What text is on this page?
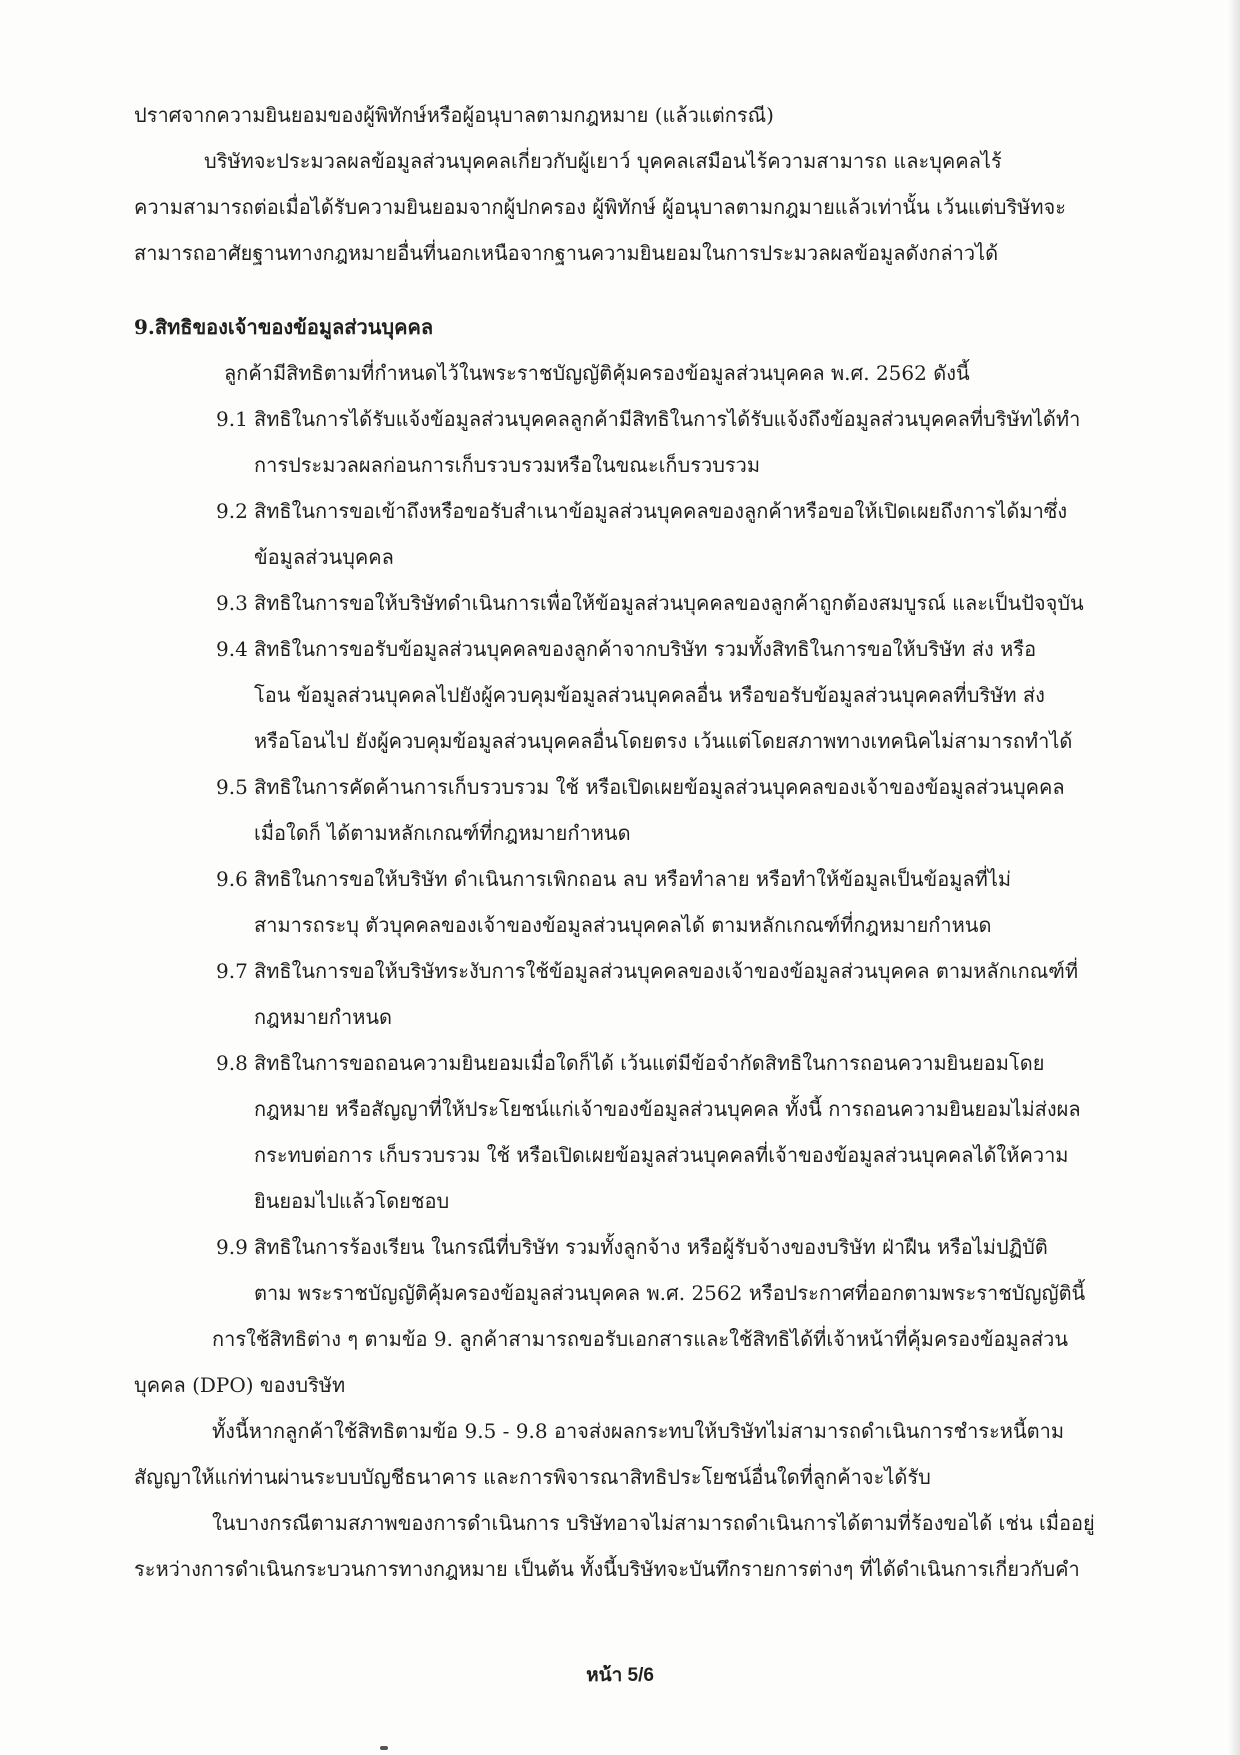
ปราศจากความยินยอมของผู้พิทักษ์หรือผู้อนุบาลตามกฎหมาย (แล้วแต่กรณี)
บริษัทจะประมวลผลข้อมูลส่วนบุคคลเกี่ยวกับผู้เยาว์ บุคคลเสมือนไร้ความสามารถ และบุคคลไร้
ความสามารถต่อเมื่อได้รับความยินยอมจากผู้ปกครอง ผู้พิทักษ์ ผู้อนุบาลตามกฎมายแล้วเท่านั้น เว้นแต่บริษัทจะ
สามารถอาศัยฐานทางกฎหมายอื่นที่นอกเหนือจากฐานความยินยอมในการประมวลผลข้อมูลดังกล่าวได้
9.สิทธิของเจ้าของข้อมูลส่วนบุคคล
ลูกค้ามีสิทธิตามที่กำหนดไว้ในพระราชบัญญัติคุ้มครองข้อมูลส่วนบุคคล พ.ศ. 2562 ดังนี้
9.1 สิทธิในการได้รับแจ้งข้อมูลส่วนบุคคลลูกค้ามีสิทธิในการได้รับแจ้งถึงข้อมูลส่วนบุคคลที่บริษัทได้ทำ
การประมวลผลก่อนการเก็บรวบรวมหรือในขณะเก็บรวบรวม
9.2 สิทธิในการขอเข้าถึงหรือขอรับสำเนาข้อมูลส่วนบุคคลของลูกค้าหรือขอให้เปิดเผยถึงการได้มาซึ่ง
ข้อมูลส่วนบุคคล
9.3 สิทธิในการขอให้บริษัทดำเนินการเพื่อให้ข้อมูลส่วนบุคคลของลูกค้าถูกต้องสมบูรณ์ และเป็นปัจจุบัน
9.4 สิทธิในการขอรับข้อมูลส่วนบุคคลของลูกค้าจากบริษัท รวมทั้งสิทธิในการขอให้บริษัท ส่ง หรือ
โอน ข้อมูลส่วนบุคคลไปยังผู้ควบคุมข้อมูลส่วนบุคคลอื่น หรือขอรับข้อมูลส่วนบุคคลที่บริษัท ส่ง
หรือโอนไป ยังผู้ควบคุมข้อมูลส่วนบุคคลอื่นโดยตรง เว้นแต่โดยสภาพทางเทคนิคไม่สามารถทำได้
9.5 สิทธิในการคัดค้านการเก็บรวบรวม ใช้ หรือเปิดเผยข้อมูลส่วนบุคคลของเจ้าของข้อมูลส่วนบุคคล
เมื่อใดก็ ได้ตามหลักเกณฑ์ที่กฎหมายกำหนด
9.6 สิทธิในการขอให้บริษัท ดำเนินการเพิกถอน ลบ หรือทำลาย หรือทำให้ข้อมูลเป็นข้อมูลที่ไม่
สามารถระบุ ตัวบุคคลของเจ้าของข้อมูลส่วนบุคคลได้ ตามหลักเกณฑ์ที่กฎหมายกำหนด
9.7 สิทธิในการขอให้บริษัทระงับการใช้ข้อมูลส่วนบุคคลของเจ้าของข้อมูลส่วนบุคคล ตามหลักเกณฑ์ที่
กฎหมายกำหนด
9.8 สิทธิในการขอถอนความยินยอมเมื่อใดก็ได้ เว้นแต่มีข้อจำกัดสิทธิในการถอนความยินยอมโดย
กฎหมาย หรือสัญญาที่ให้ประโยชน์แก่เจ้าของข้อมูลส่วนบุคคล ทั้งนี้ การถอนความยินยอมไม่ส่งผล
กระทบต่อการ เก็บรวบรวม ใช้ หรือเปิดเผยข้อมูลส่วนบุคคลที่เจ้าของข้อมูลส่วนบุคคลได้ให้ความ
ยินยอมไปแล้วโดยชอบ
9.9 สิทธิในการร้องเรียน ในกรณีที่บริษัท รวมทั้งลูกจ้าง หรือผู้รับจ้างของบริษัท ฝ่าฝืน หรือไม่ปฏิบัติ
ตาม พระราชบัญญัติคุ้มครองข้อมูลส่วนบุคคล พ.ศ. 2562 หรือประกาศที่ออกตามพระราชบัญญัตินี้
การใช้สิทธิต่าง ๆ ตามข้อ 9. ลูกค้าสามารถขอรับเอกสารและใช้สิทธิได้ที่เจ้าหน้าที่คุ้มครองข้อมูลส่วน
บุคคล (DPO) ของบริษัท
ทั้งนี้หากลูกค้าใช้สิทธิตามข้อ 9.5 - 9.8 อาจส่งผลกระทบให้บริษัทไม่สามารถดำเนินการชำระหนี้ตาม
สัญญาให้แก่ท่านผ่านระบบบัญชีธนาคาร และการพิจารณาสิทธิประโยชน์อื่นใดที่ลูกค้าจะได้รับ
ในบางกรณีตามสภาพของการดำเนินการ บริษัทอาจไม่สามารถดำเนินการได้ตามที่ร้องขอได้ เช่น เมื่ออยู่
ระหว่างการดำเนินกระบวนการทางกฎหมาย เป็นต้น ทั้งนี้บริษัทจะบันทึกรายการต่างๆ ที่ได้ดำเนินการเกี่ยวกับคำ
หน้า 5/6
